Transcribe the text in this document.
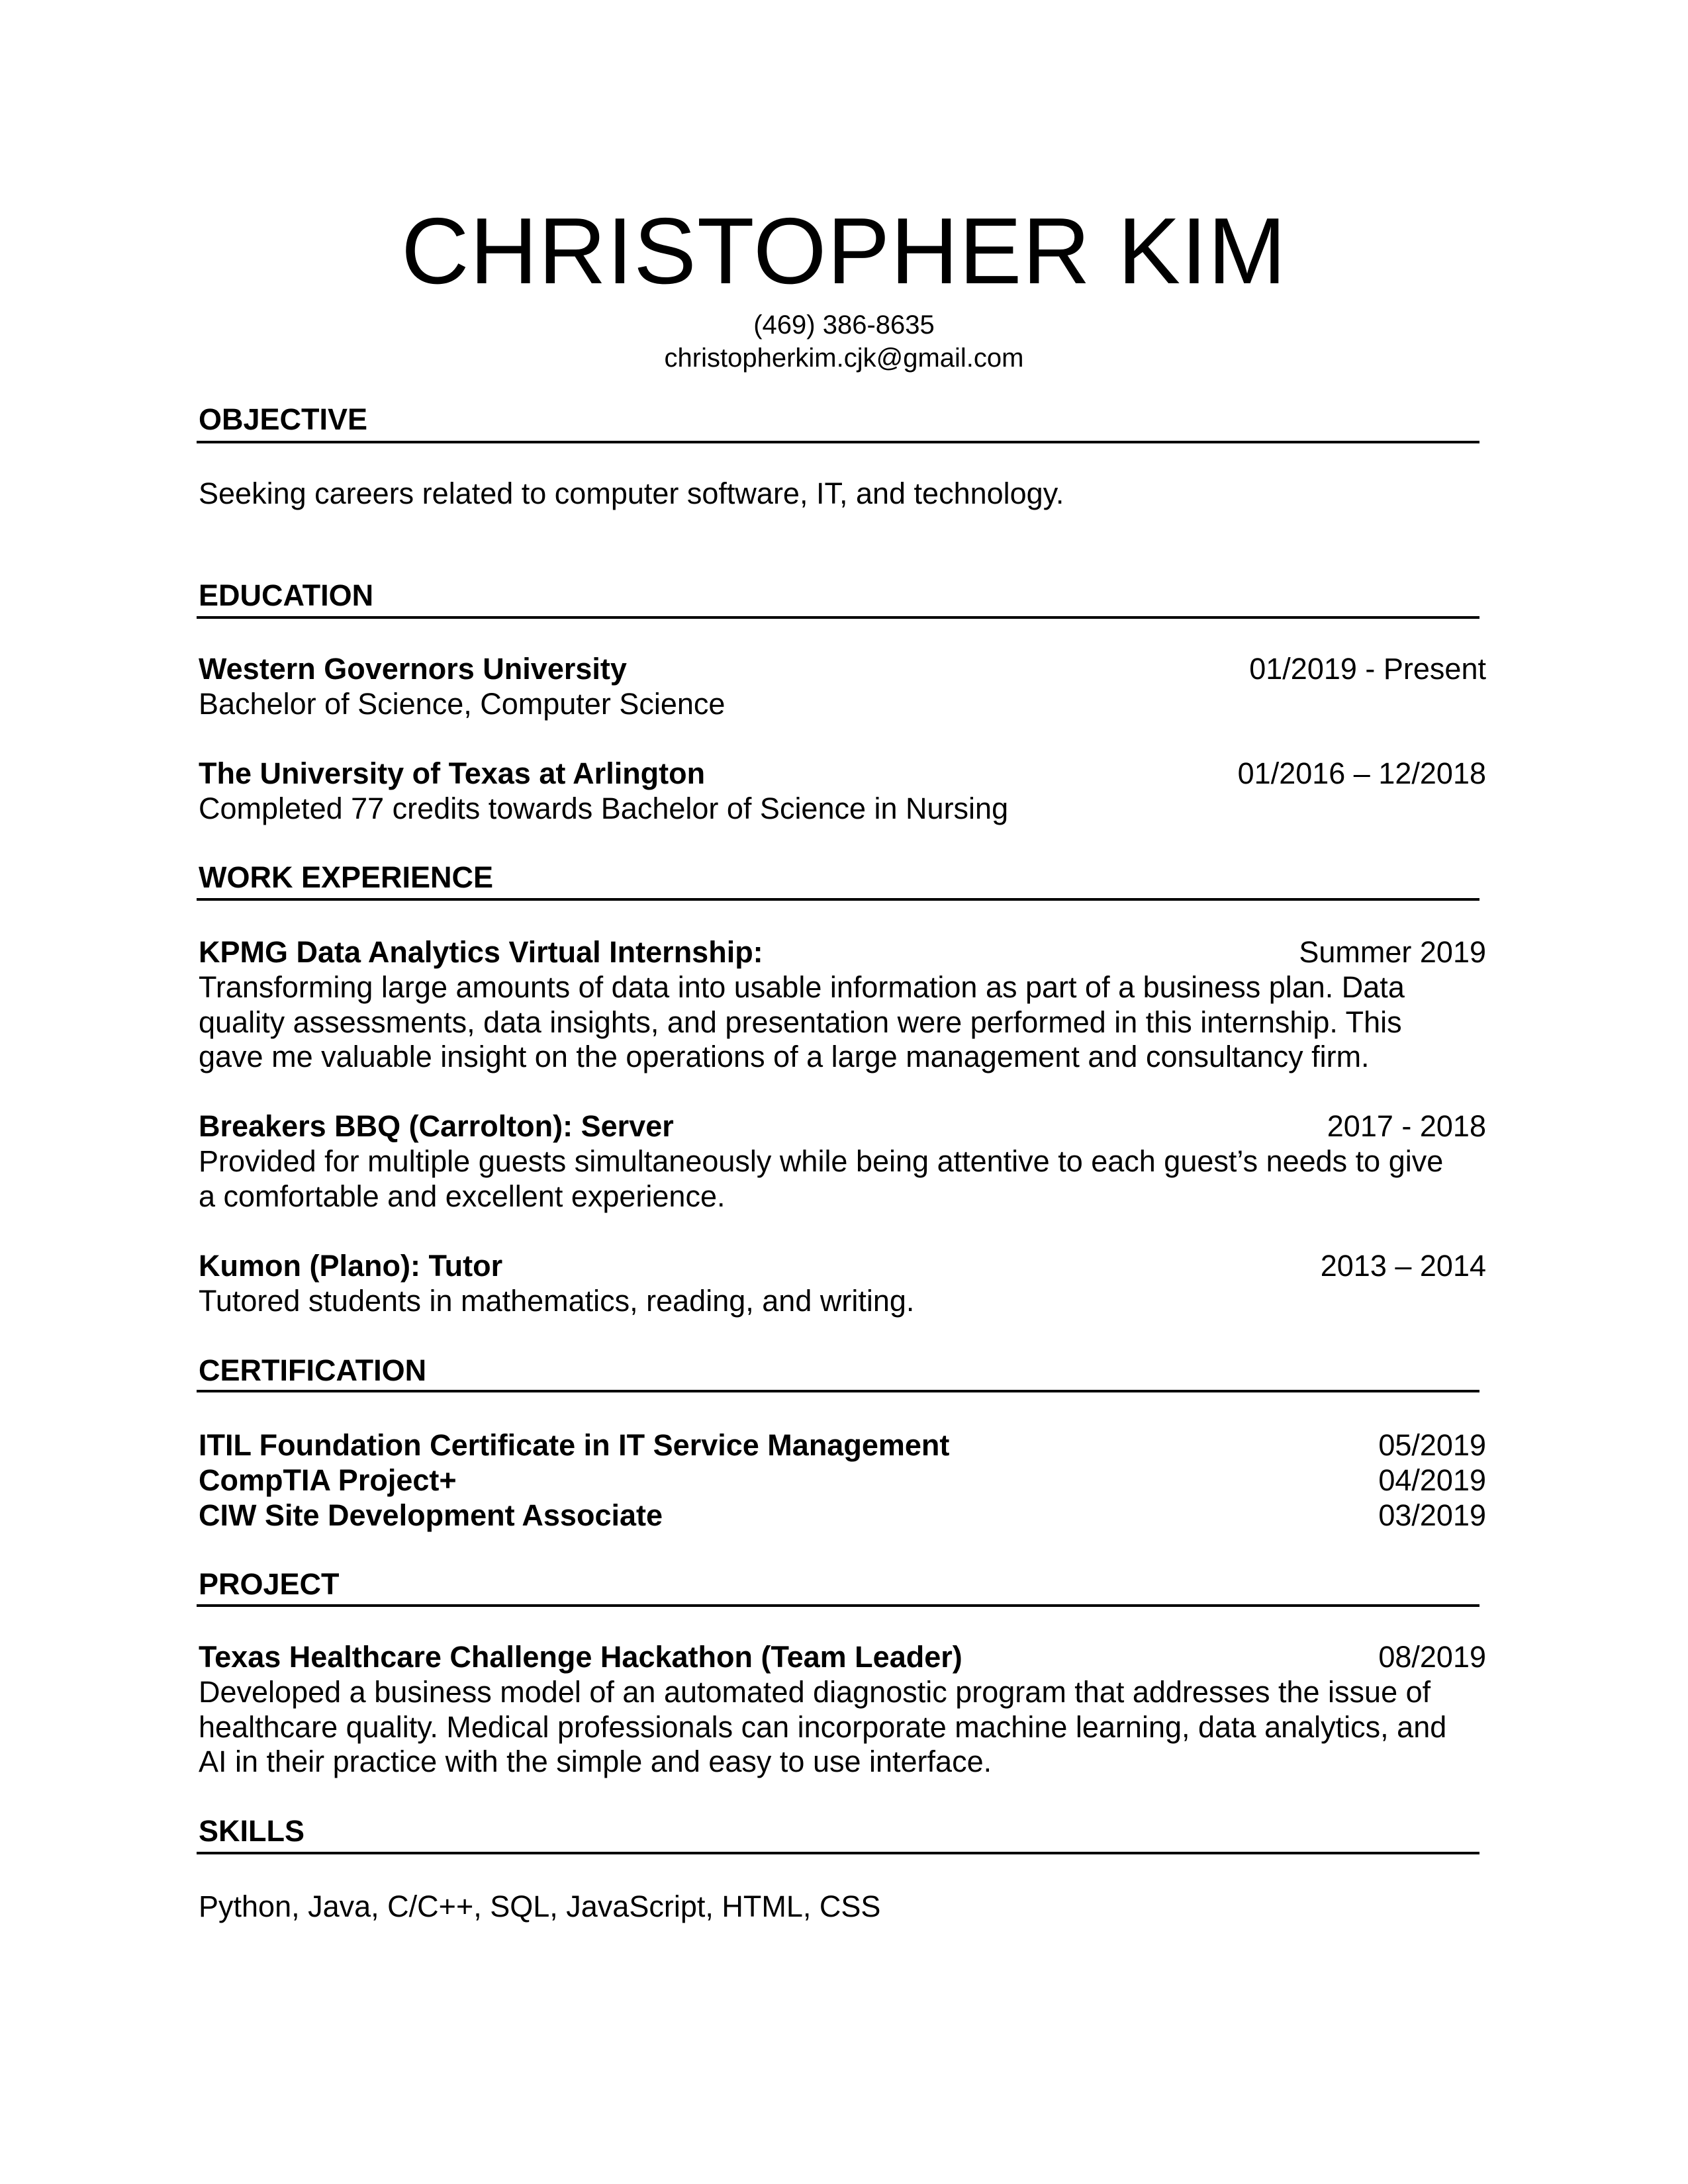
CHRISTOPHER KIM
(469) 386-8635
christopherkim.cjk@gmail.com
OBJECTIVE
Seeking careers related to computer software, IT, and technology.
EDUCATION
Western Governors University	01/2019 - Present
Bachelor of Science, Computer Science
The University of Texas at Arlington	01/2016 – 12/2018
Completed 77 credits towards Bachelor of Science in Nursing
WORK EXPERIENCE
KPMG Data Analytics Virtual Internship:	Summer 2019
Transforming large amounts of data into usable information as part of a business plan. Data
quality assessments, data insights, and presentation were performed in this internship. This
gave me valuable insight on the operations of a large management and consultancy firm.
Breakers BBQ (Carrolton): Server	2017 - 2018
Provided for multiple guests simultaneously while being attentive to each guest’s needs to give
a comfortable and excellent experience.
Kumon (Plano): Tutor	2013 – 2014
Tutored students in mathematics, reading, and writing.
CERTIFICATION
ITIL Foundation Certificate in IT Service Management	05/2019
CompTIA Project+	04/2019
CIW Site Development Associate	03/2019
PROJECT
Texas Healthcare Challenge Hackathon (Team Leader)	08/2019
Developed a business model of an automated diagnostic program that addresses the issue of
healthcare quality. Medical professionals can incorporate machine learning, data analytics, and
AI in their practice with the simple and easy to use interface.
SKILLS
Python, Java, C/C++, SQL, JavaScript, HTML, CSS
